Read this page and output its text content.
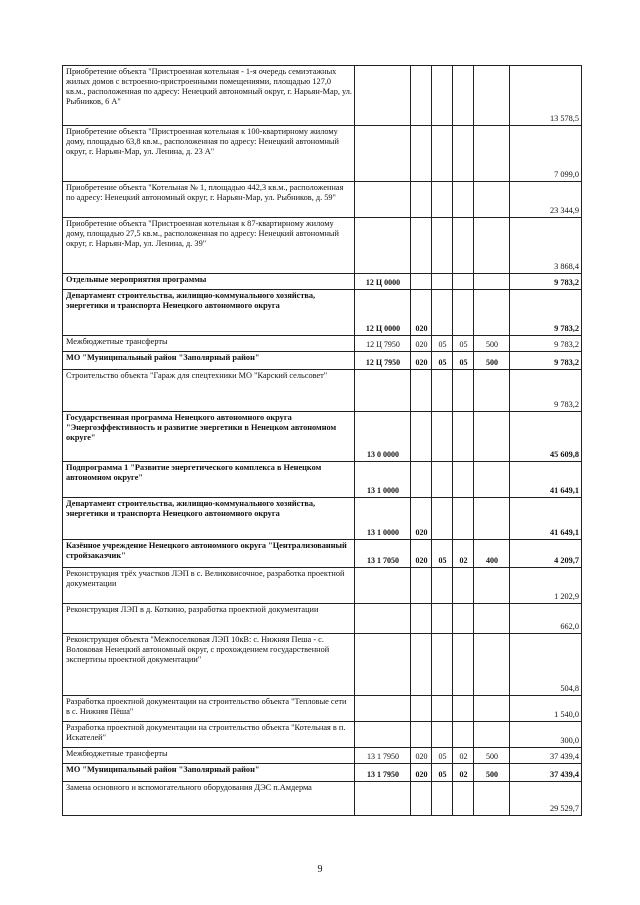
Приобретение объекта "Пристроенная котельная - 1-я очередь семиэтажных жилых домов с встроенно-пристроенными помещениями, площадью 127,0 кв.м., расположенная по адресу: Ненецкий автономный округ, г. Нарьян-Мар, ул. Рыбников, 6 А"						13 578,5
Приобретение объекта "Пристроенная котельная к 100-квартирному жилому дому, площадью 63,8 кв.м., расположенная по адресу: Ненецкий автономный округ, г. Нарьян-Мар, ул. Ленина, д. 23 А"						7 099,0
Приобретение объекта "Котельная № 1, площадью 442,3 кв.м., расположенная по адресу: Ненецкий автономный округ, г. Нарьян-Мар, ул. Рыбников, д. 59"						23 344,9
Приобретение объекта "Пристроенная котельная к 87-квартирному жилому дому, площадью 27,5 кв.м., расположенная по адресу: Ненецкий автономный округ, г. Нарьян-Мар, ул. Ленина, д. 39"						3 868,4
Отдельные мероприятия программы	12 Ц 0000					9 783,2
Департамент строительства, жилищно-коммунального хозяйства, энергетики и транспорта Ненецкого автономного округа	12 Ц 0000	020				9 783,2
Межбюджетные трансферты	12 Ц 7950	020	05	05	500	9 783,2
МО "Муниципальный район "Заполярный район"	12 Ц 7950	020	05	05	500	9 783,2
Строительство объекта "Гараж для спецтехники МО "Карский сельсовет"						9 783,2
Государственная программа Ненецкого автономного округа "Энергоэффективность и развитие энергетики в Ненецком автономном округе"	13 0 0000					45 609,8
Подпрограмма 1 "Развитие энергетического комплекса в Ненецком автономном округе"	13 1 0000					41 649,1
Департамент строительства, жилищно-коммунального хозяйства, энергетики и транспорта Ненецкого автономного округа	13 1 0000	020				41 649,1
Казённое учреждение Ненецкого автономного округа "Централизованный стройзаказчик"	13 1 7050	020	05	02	400	4 209,7
Реконструкция трёх участков ЛЭП в с. Великовисочное, разработка проектной документации						1 202,9
Реконструкция ЛЭП в д. Коткино, разработка проектной документации						662,0
Реконструкция объекта "Межпоселковая ЛЭП 10кВ: с. Нижняя Пеша - с. Волоковая Ненецкий автономный округ, с прохождением государственной экспертизы проектной документации"						504,8
Разработка проектной документации на строительство объекта "Тепловые сети в с. Нижняя Пёша"						1 540,0
Разработка проектной документации на строительство объекта "Котельная в п. Искателей"						300,0
Межбюджетные трансферты	13 1 7950	020	05	02	500	37 439,4
МО "Муниципальный район "Заполярный район"	13 1 7950	020	05	02	500	37 439,4
Замена основного и вспомогательного оборудования ДЭС п.Амдерма						29 529,7
9
